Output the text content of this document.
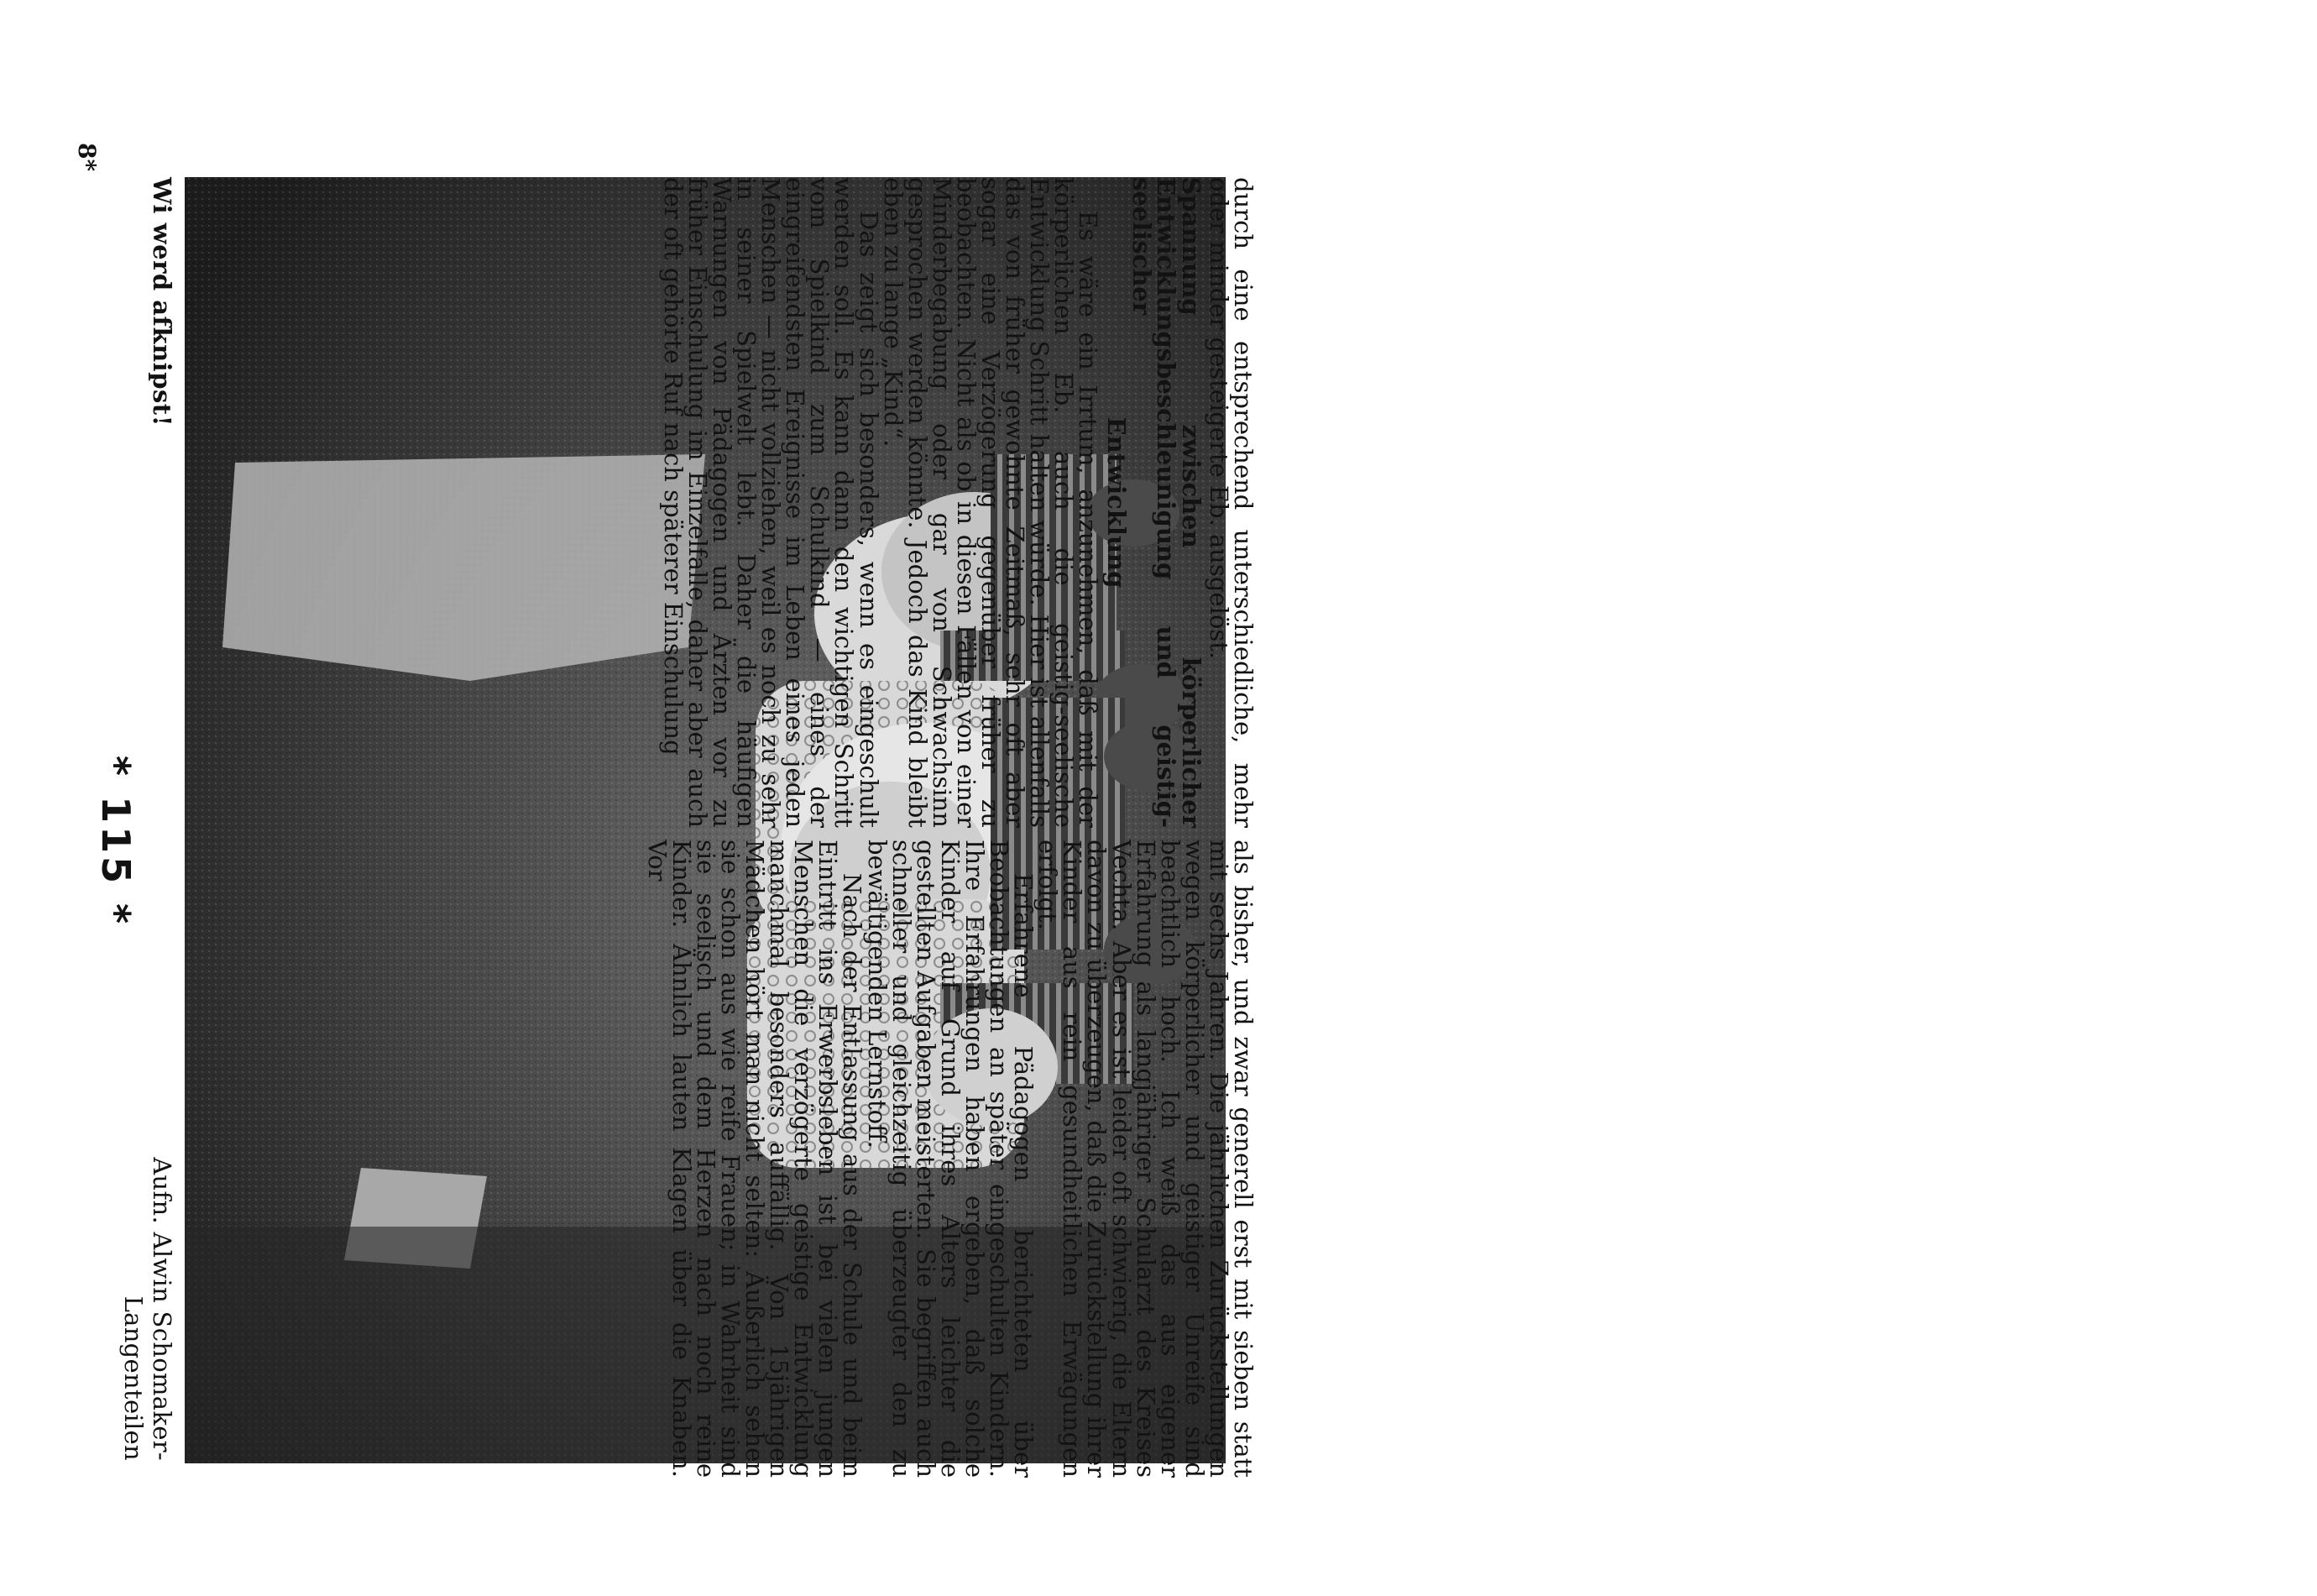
Wi werd afknipst!
Aufn. Alwin Schomaker-Langenteilen

durch eine entsprechend unterschiedliche, mehr oder minder gesteigerte Eb. ausgelöst.

Spannung zwischen körperlicher Entwicklungsbeschleunigung und geistig-seelischer
Entwicklung

Es wäre ein Irrtum, anzunehmen, daß mit der körperlichen Eb. auch die geistig-seelische Entwicklung Schritt halten würde. Hier ist allenfalls das von früher gewohnte Zeitmaß, sehr oft aber sogar eine Verzögerung gegenüber früher zu beobachten. Nicht als ob in diesen Fällen von einer Minderbegabung oder gar von Schwachsinn gesprochen werden könnte. Jedoch das Kind bleibt eben zu lange „Kind“.

Das zeigt sich besonders, wenn es eingeschult werden soll. Es kann dann den wichtigen Schritt vom Spielkind zum Schulkind — eines der eingreifendsten Ereignisse im Leben eines jeden Menschen — nicht vollziehen, weil es noch zu sehr in seiner Spielwelt lebt. Daher die häufigen Warnungen von Pädagogen und Ärzten vor zu früher Einschulung im Einzelfalle, daher aber auch der oft gehörte Ruf nach späterer Einschulung

als bisher, und zwar generell erst mit sieben statt mit sechs Jahren. Die jährlichen Zurückstellungen wegen körperlicher und geistiger Unreife sind beachtlich hoch. Ich weiß das aus eigener Erfahrung als langjähriger Schularzt des Kreises Vechta. Aber es ist leider oft schwierig, die Eltern davon zu überzeugen, daß die Zurückstellung ihrer Kinder aus rein gesundheitlichen Erwägungen erfolgt.

Erfahrene Pädagogen berichteten über Beobachtungen an später eingeschulten Kindern. Ihre Erfahrungen haben ergeben, daß solche Kinder auf Grund ihres Alters leichter die gestellten Aufgaben meisterten. Sie begriffen auch schneller und gleichzeitig überzeugter den zu bewältigenden Lernstoff.

Nach der Entlassung aus der Schule und beim Eintritt ins Erwerbsleben ist bei vielen jungen Menschen die verzögerte geistige Entwicklung manchmal besonders auffällig. Von 15jährigen Mädchen hört man nicht selten: Äußerlich sehen sie schon aus wie reife Frauen; in Wahrheit sind sie seelisch und dem Herzen nach noch reine Kinder. Ähnlich lauten Klagen über die Knaben. Vor

8*
* 115 *
